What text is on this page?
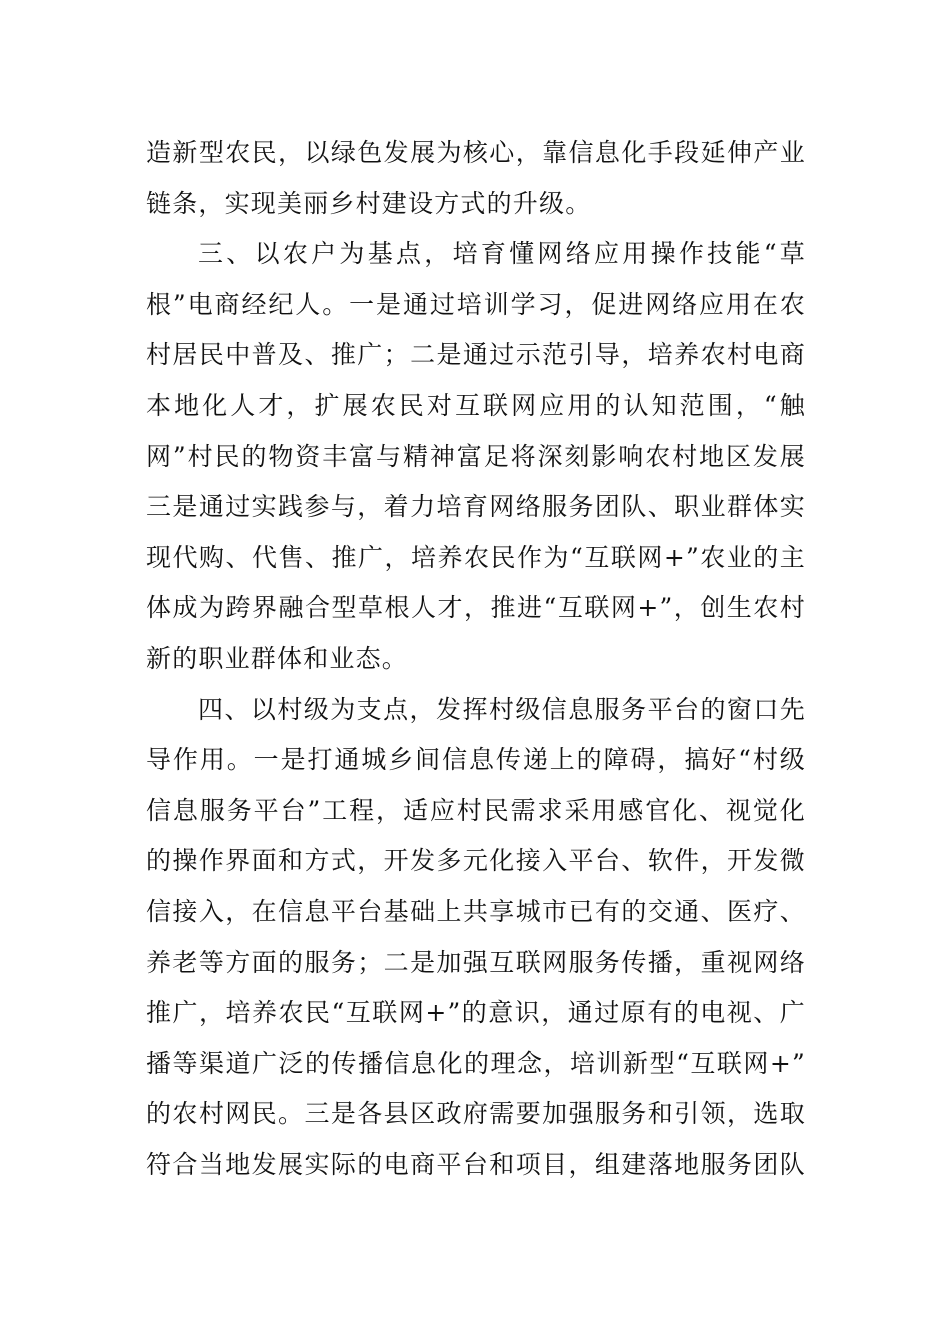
造新型农民，以绿色发展为核心，靠信息化手段延伸产业
链条，实现美丽乡村建设方式的升级。
三、以农户为基点，培育懂网络应用操作技能“草
根”电商经纪人。一是通过培训学习，促进网络应用在农
村居民中普及、推广；二是通过示范引导，培养农村电商
本地化人才，扩展农民对互联网应用的认知范围，“触
网”村民的物资丰富与精神富足将深刻影响农村地区发展
三是通过实践参与，着力培育网络服务团队、职业群体实
现代购、代售、推广，培养农民作为“互联网+”农业的主
体成为跨界融合型草根人才，推进“互联网+”，创生农村
新的职业群体和业态。
四、以村级为支点，发挥村级信息服务平台的窗口先
导作用。一是打通城乡间信息传递上的障碍，搞好“村级
信息服务平台”工程，适应村民需求采用感官化、视觉化
的操作界面和方式，开发多元化接入平台、软件，开发微
信接入，在信息平台基础上共享城市已有的交通、医疗、
养老等方面的服务；二是加强互联网服务传播，重视网络
推广，培养农民“互联网+”的意识，通过原有的电视、广
播等渠道广泛的传播信息化的理念，培训新型“互联网+”
的农村网民。三是各县区政府需要加强服务和引领，选取
符合当地发展实际的电商平台和项目，组建落地服务团队
